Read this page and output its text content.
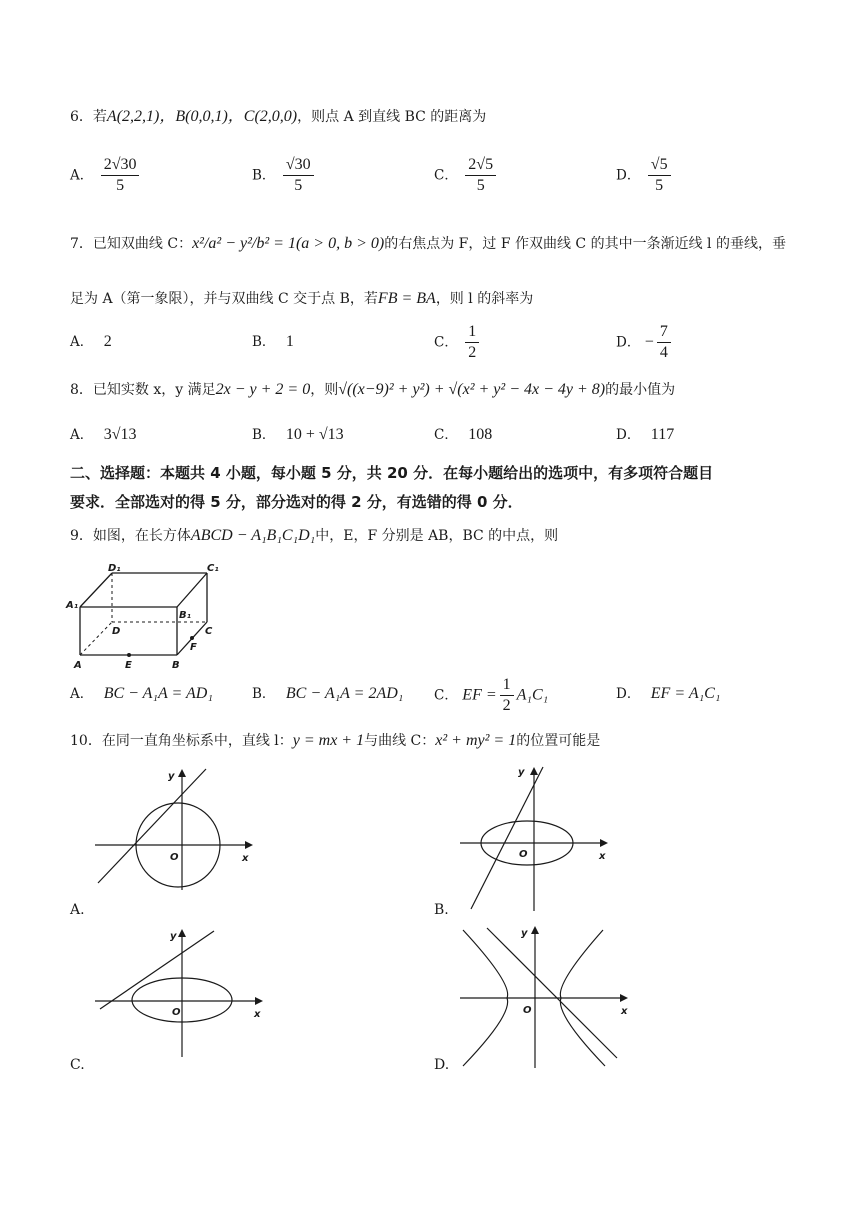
6．若A(2,2,1)，B(0,0,1)，C(2,0,0)，则点 A 到直线 BC 的距离为
A． $\frac{2√30}{5}$	B． $\frac{√30}{5}$	C． $\frac{2√5}{5}$	D． $\frac{√5}{5}$
7．已知双曲线 C：x²/a² − y²/b² = 1(a > 0, b > 0)的右焦点为 F，过 F 作双曲线 C 的其中一条渐近线 l 的垂线，垂
足为 A（第一象限），并与双曲线 C 交于点 B，若FB = BA，则 l 的斜率为
A． 2	B． 1	C． $\frac{1}{2}$	D． − $\frac{7}{4}$
8．已知实数 x，y 满足2x − y + 2 = 0，则√((x−9)² + y²) + √(x² + y² − 4x − 4y + 8)的最小值为
A． 3√13	B． 10 + √13	C． 108	D． 117
二、选择题：本题共 4 小题，每小题 5 分，共 20 分．在每小题给出的选项中，有多项符合题目
要求．全部选对的得 5 分，部分选对的得 2 分，有选错的得 0 分．
9．如图，在长方体ABCD − A₁B₁C₁D₁中，E，F 分别是 AB，BC 的中点，则
D₁	C₁
A₁
B₁
D	C
F
A	E	B
A． BC − A₁A = AD₁	B． BC − A₁A = 2AD₁ C． EF = $\frac{1}{2} A_1C_1$	D． EF = A₁C₁
10．在同一直角坐标系中，直线 l：y = mx + 1与曲线 C：x² + my² = 1的位置可能是
y
x
O
A.
y
x
O
B.
y
x
O
C.
y
x
O
D.
